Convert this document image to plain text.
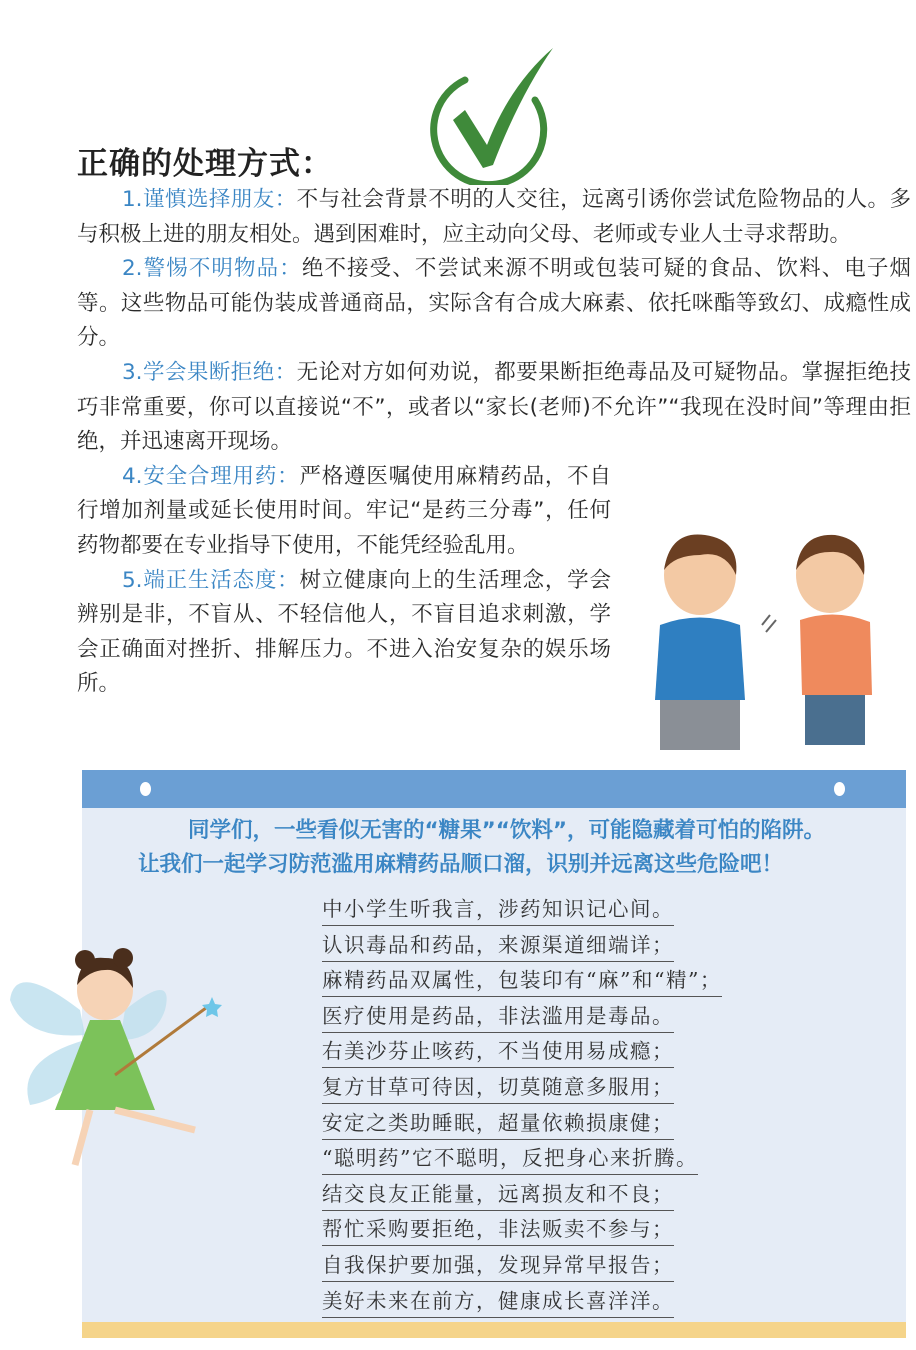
正确的处理方式：

1.谨慎选择朋友：不与社会背景不明的人交往，远离引诱你尝试危险物品的人。多与积极上进的朋友相处。遇到困难时，应主动向父母、老师或专业人士寻求帮助。

2.警惕不明物品：绝不接受、不尝试来源不明或包装可疑的食品、饮料、电子烟等。这些物品可能伪装成普通商品，实际含有合成大麻素、依托咪酯等致幻、成瘾性成分。

3.学会果断拒绝：无论对方如何劝说，都要果断拒绝毒品及可疑物品。掌握拒绝技巧非常重要，你可以直接说“不”，或者以“家长(老师)不允许”“我现在没时间”等理由拒绝，并迅速离开现场。

4.安全合理用药：严格遵医嘱使用麻精药品，不自行增加剂量或延长使用时间。牢记“是药三分毒”，任何药物都要在专业指导下使用，不能凭经验乱用。

5.端正生活态度：树立健康向上的生活理念，学会辨别是非，不盲从、不轻信他人，不盲目追求刺激，学会正确面对挫折、排解压力。不进入治安复杂的娱乐场所。

同学们，一些看似无害的“糖果”“饮料”，可能隐藏着可怕的陷阱。
让我们一起学习防范滥用麻精药品顺口溜，识别并远离这些危险吧！
中小学生听我言，涉药知识记心间。
认识毒品和药品，来源渠道细端详；
麻精药品双属性，包装印有“麻”和“精”；
医疗使用是药品，非法滥用是毒品。
右美沙芬止咳药，不当使用易成瘾；
复方甘草可待因，切莫随意多服用；
安定之类助睡眠，超量依赖损康健；
“聪明药”它不聪明，反把身心来折腾。
结交良友正能量，远离损友和不良；
帮忙采购要拒绝，非法贩卖不参与；
自我保护要加强，发现异常早报告；
美好未来在前方，健康成长喜洋洋。
